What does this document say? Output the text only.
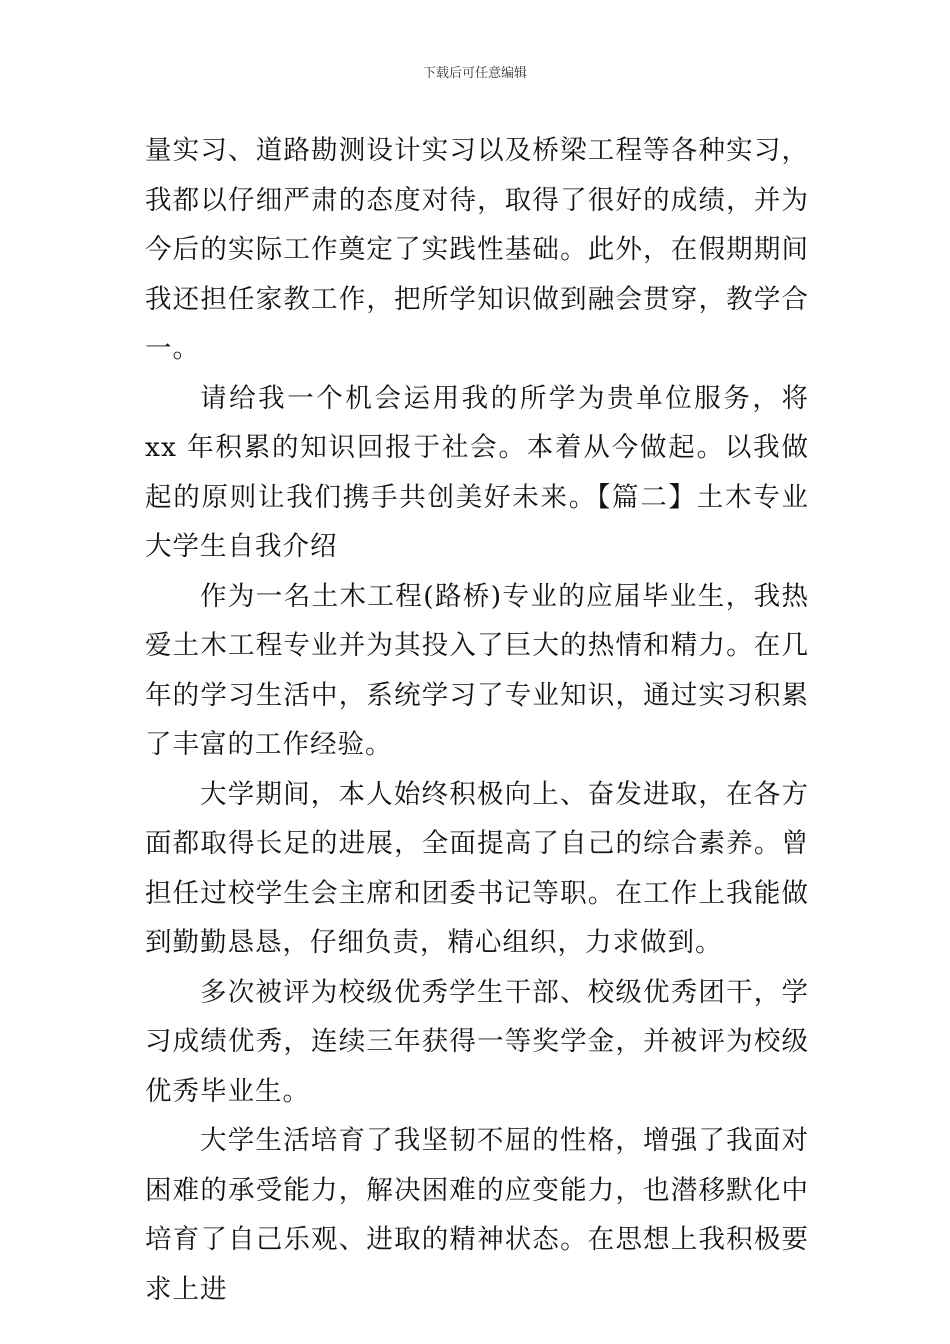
下载后可任意编辑

量实习、道路勘测设计实习以及桥梁工程等各种实习，我都以仔细严肃的态度对待，取得了很好的成绩，并为今后的实际工作奠定了实践性基础。此外，在假期期间我还担任家教工作，把所学知识做到融会贯穿，教学合一。

请给我一个机会运用我的所学为贵单位服务，将 xx 年积累的知识回报于社会。本着从今做起。以我做起的原则让我们携手共创美好未来。【篇二】土木专业大学生自我介绍

作为一名土木工程(路桥)专业的应届毕业生，我热爱土木工程专业并为其投入了巨大的热情和精力。在几年的学习生活中，系统学习了专业知识，通过实习积累了丰富的工作经验。

大学期间，本人始终积极向上、奋发进取，在各方面都取得长足的进展，全面提高了自己的综合素养。曾担任过校学生会主席和团委书记等职。在工作上我能做到勤勤恳恳，仔细负责，精心组织，力求做到。

多次被评为校级优秀学生干部、校级优秀团干，学习成绩优秀，连续三年获得一等奖学金，并被评为校级优秀毕业生。

大学生活培育了我坚韧不屈的性格，增强了我面对困难的承受能力，解决困难的应变能力，也潜移默化中培育了自己乐观、进取的精神状态。在思想上我积极要求上进
